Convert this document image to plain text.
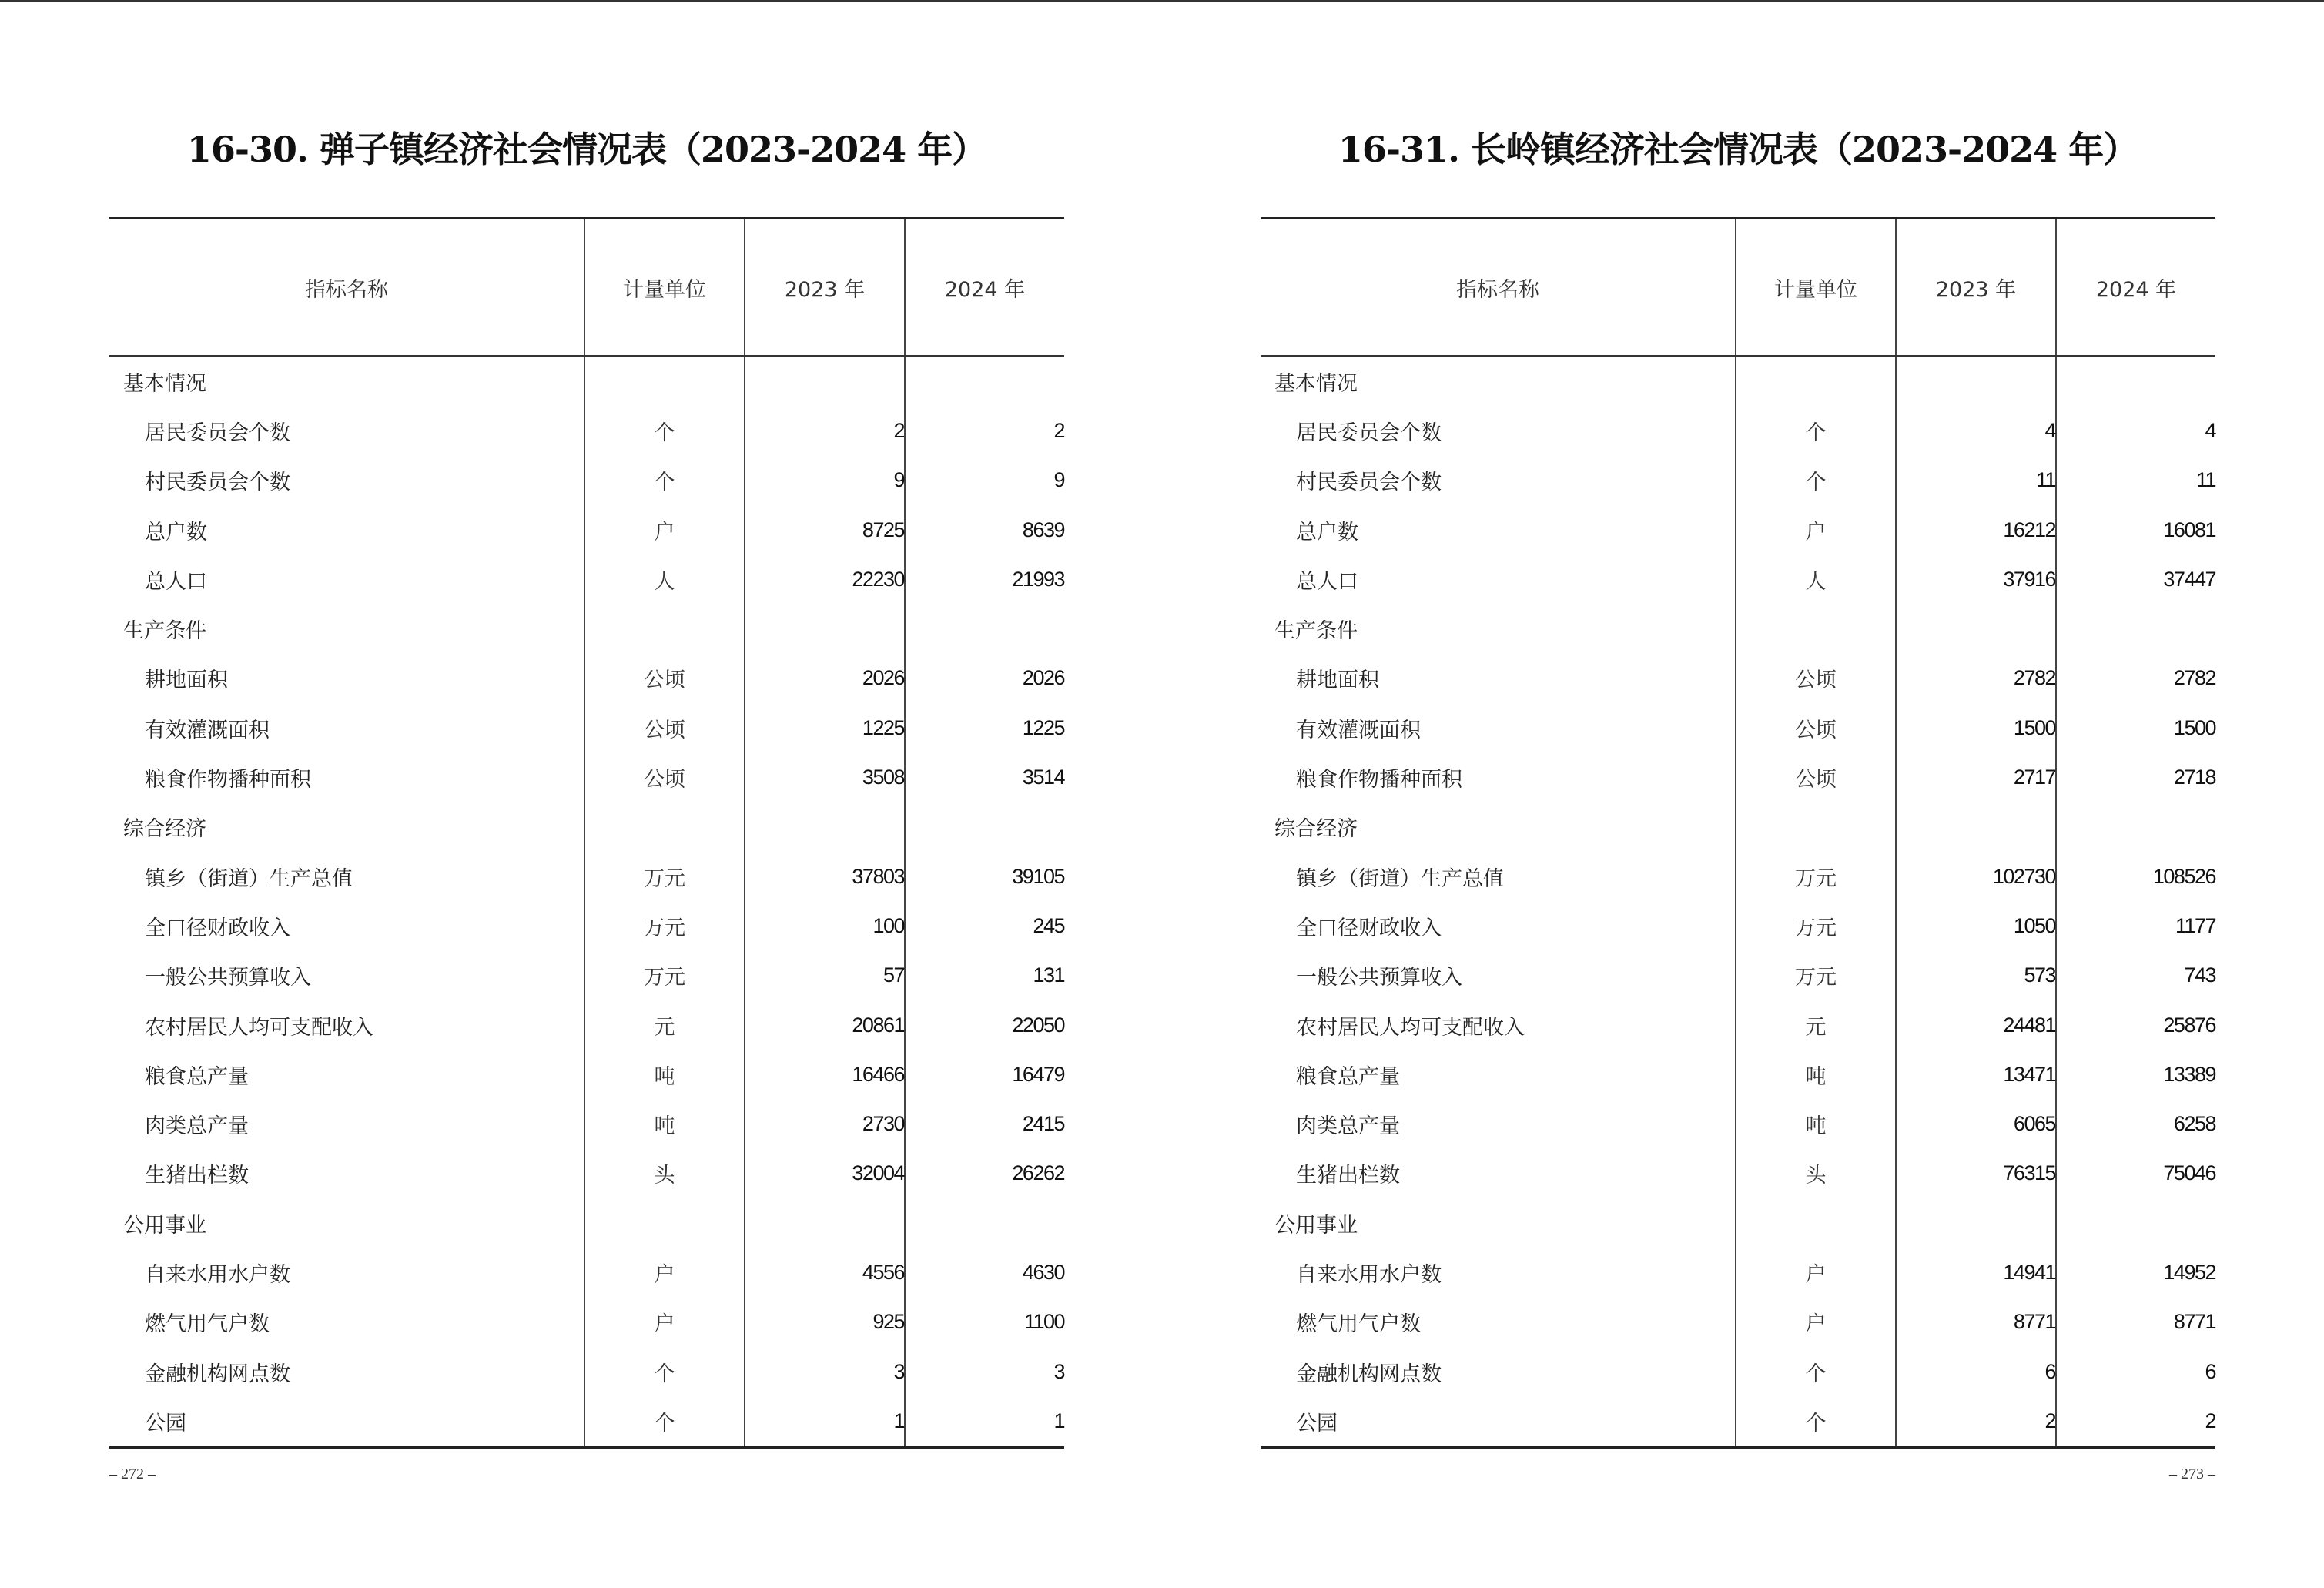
16-30. 弹子镇经济社会情况表（2023-2024 年）
指标名称	计量单位	2023 年	2024 年
基本情况			
居民委员会个数	个	2	2
村民委员会个数	个	9	9
总户数	户	8725	8639
总人口	人	22230	21993
生产条件			
耕地面积	公顷	2026	2026
有效灌溉面积	公顷	1225	1225
粮食作物播种面积	公顷	3508	3514
综合经济			
镇乡（街道）生产总值	万元	37803	39105
全口径财政收入	万元	100	245
一般公共预算收入	万元	57	131
农村居民人均可支配收入	元	20861	22050
粮食总产量	吨	16466	16479
肉类总产量	吨	2730	2415
生猪出栏数	头	32004	26262
公用事业			
自来水用水户数	户	4556	4630
燃气用气户数	户	925	1100
金融机构网点数	个	3	3
公园	个	1	1
– 272 –
16-31. 长岭镇经济社会情况表（2023-2024 年）
指标名称	计量单位	2023 年	2024 年
基本情况			
居民委员会个数	个	4	4
村民委员会个数	个	11	11
总户数	户	16212	16081
总人口	人	37916	37447
生产条件			
耕地面积	公顷	2782	2782
有效灌溉面积	公顷	1500	1500
粮食作物播种面积	公顷	2717	2718
综合经济			
镇乡（街道）生产总值	万元	102730	108526
全口径财政收入	万元	1050	1177
一般公共预算收入	万元	573	743
农村居民人均可支配收入	元	24481	25876
粮食总产量	吨	13471	13389
肉类总产量	吨	6065	6258
生猪出栏数	头	76315	75046
公用事业			
自来水用水户数	户	14941	14952
燃气用气户数	户	8771	8771
金融机构网点数	个	6	6
公园	个	2	2
– 273 –
